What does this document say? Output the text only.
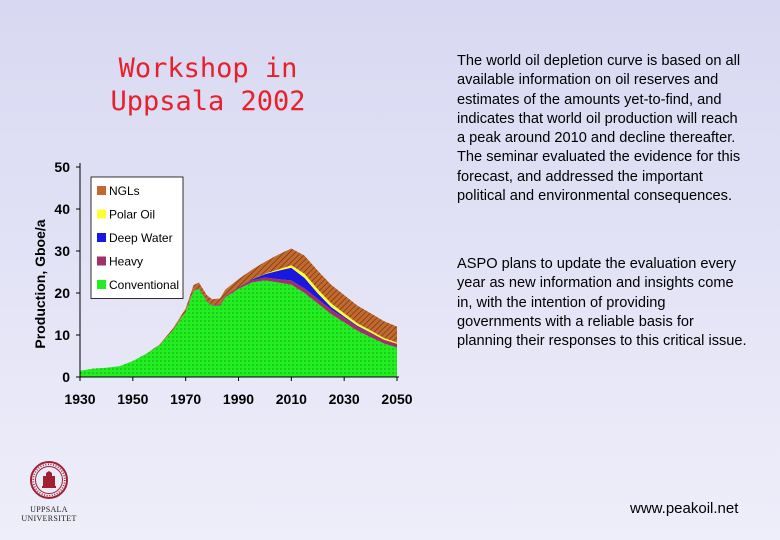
Workshop in Uppsala 2002
The world oil depletion curve is based on all available information on oil reserves and estimates of the amounts yet-to-find, and indicates that world oil production will reach a peak around 2010 and decline thereafter. The seminar evaluated the evidence for this forecast, and addressed the important political and environmental consequences.
ASPO plans to update the evaluation every year as new information and insights come in, with the intention of providing governments with a reliable basis for planning their responses to this critical issue.
0
10
20
30
40
50
1930 1950 1970 1990 2010 2030 2050
Production, Gboe/a
NGLs
Polar Oil
Deep Water
Heavy
Conventional
UPPSALA
UNIVERSITET
www.peakoil.net
